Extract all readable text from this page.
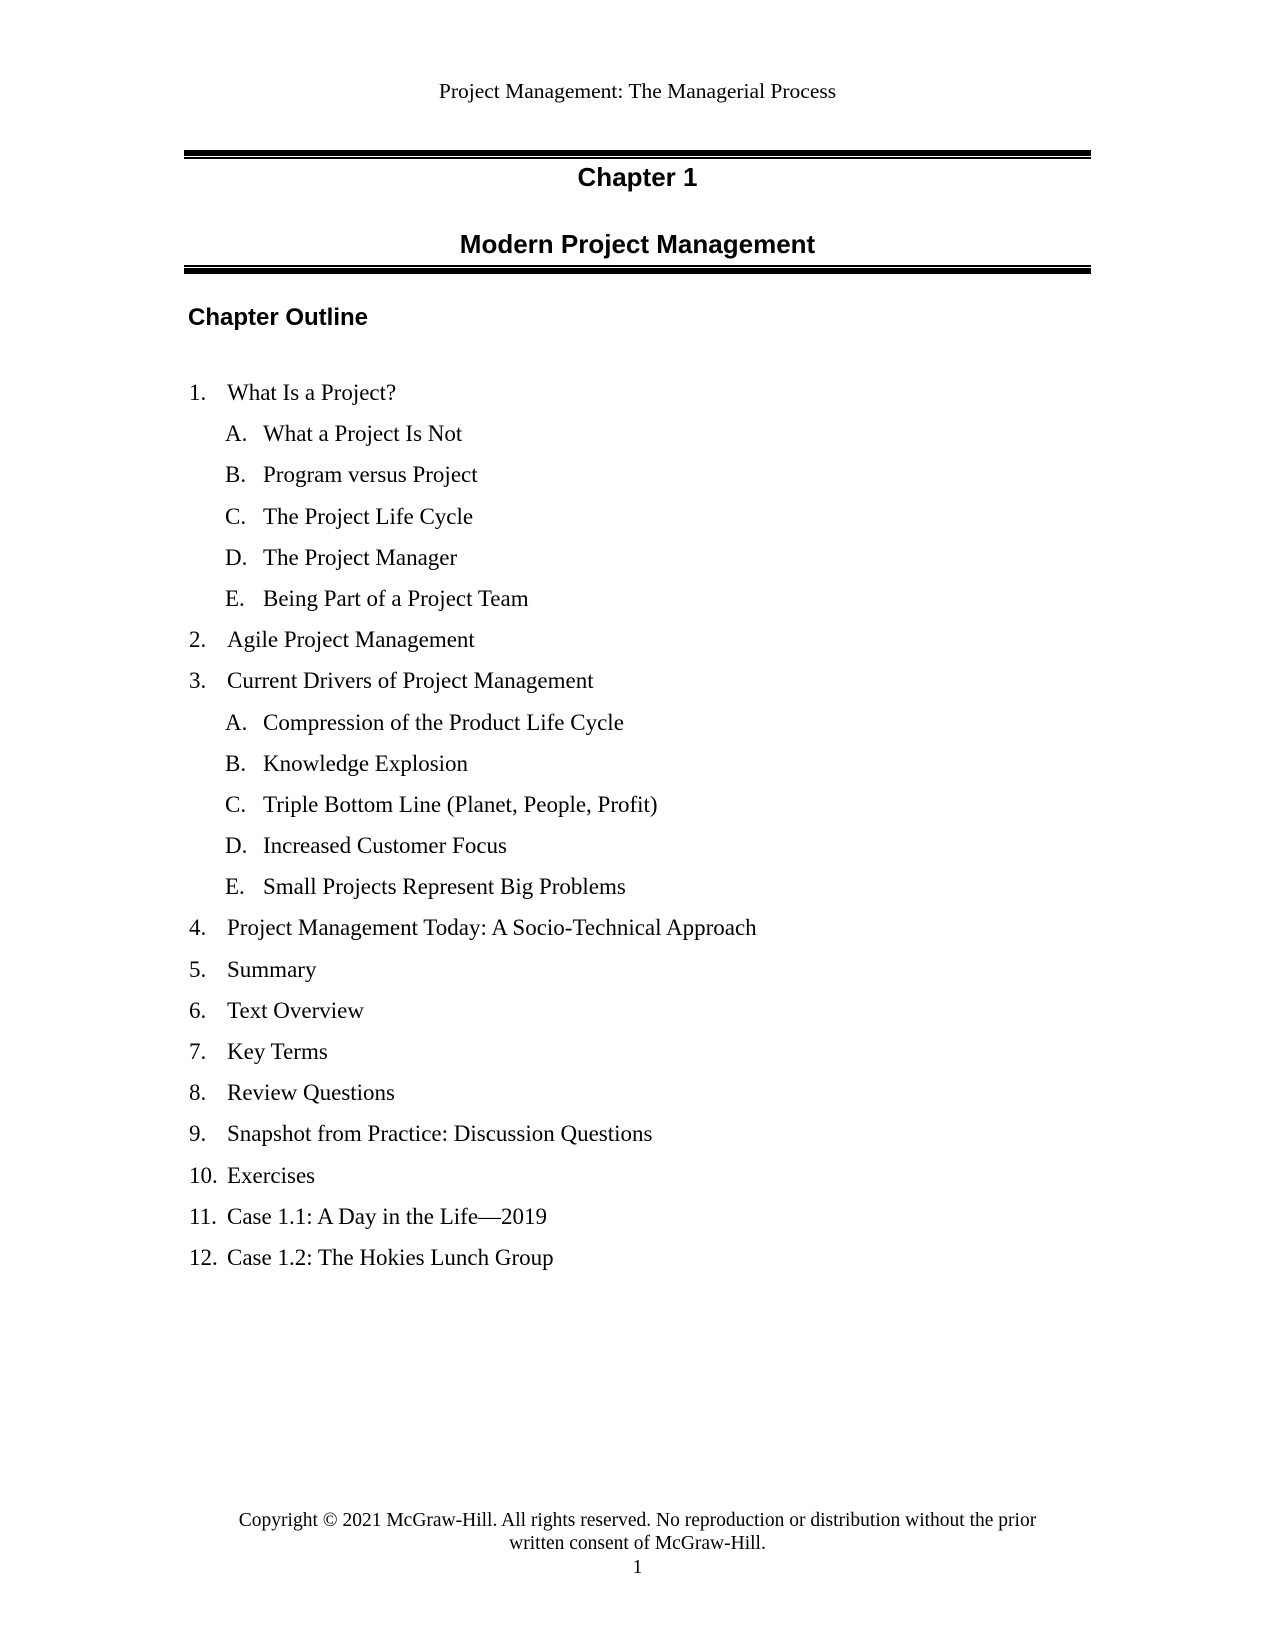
Project Management: The Managerial Process
Chapter 1
Modern Project Management
Chapter Outline
1. What Is a Project?
A. What a Project Is Not
B. Program versus Project
C. The Project Life Cycle
D. The Project Manager
E. Being Part of a Project Team
2. Agile Project Management
3. Current Drivers of Project Management
A. Compression of the Product Life Cycle
B. Knowledge Explosion
C. Triple Bottom Line (Planet, People, Profit)
D. Increased Customer Focus
E. Small Projects Represent Big Problems
4. Project Management Today: A Socio-Technical Approach
5. Summary
6. Text Overview
7. Key Terms
8. Review Questions
9. Snapshot from Practice: Discussion Questions
10. Exercises
11. Case 1.1: A Day in the Life—2019
12. Case 1.2: The Hokies Lunch Group
Copyright © 2021 McGraw-Hill. All rights reserved. No reproduction or distribution without the prior
written consent of McGraw-Hill.
1
